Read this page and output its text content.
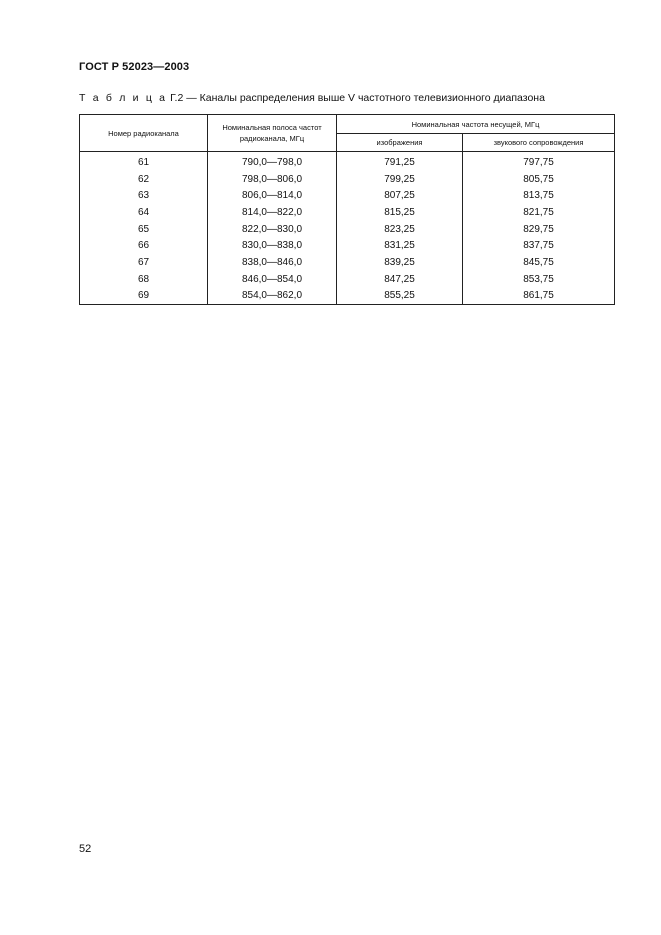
ГОСТ Р 52023—2003
Т а б л и ц а Г.2 — Каналы распределения выше V частотного телевизионного диапазона
Номер радиоканала	Номинальная полоса частот радиоканала, МГц	Номинальная частота несущей, МГц	
		изображения	звукового сопровождения
61	790,0—798,0	791,25	797,75
62	798,0—806,0	799,25	805,75
63	806,0—814,0	807,25	813,75
64	814,0—822,0	815,25	821,75
65	822,0—830,0	823,25	829,75
66	830,0—838,0	831,25	837,75
67	838,0—846,0	839,25	845,75
68	846,0—854,0	847,25	853,75
69	854,0—862,0	855,25	861,75
52
